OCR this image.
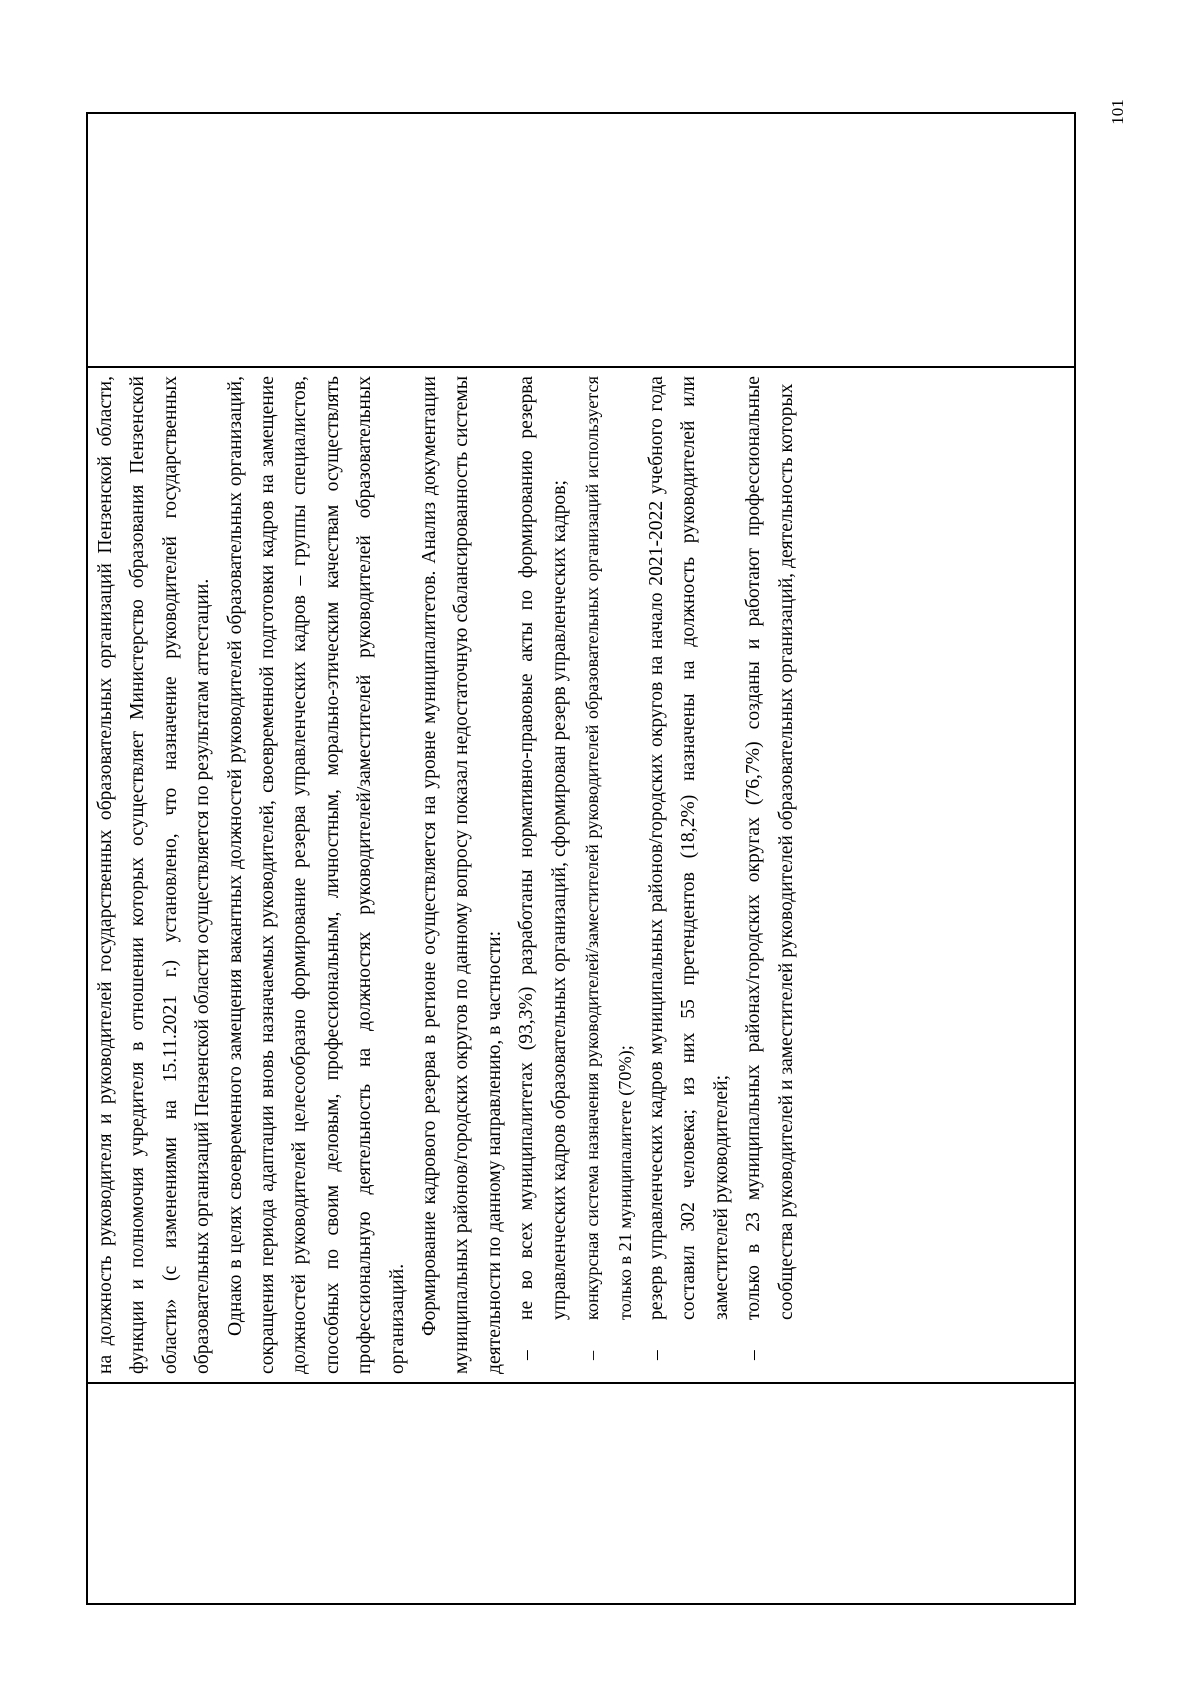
101

на должность руководителя и руководителей государственных образовательных организаций Пензенской области, функции и полномочия учредителя в отношении которых осуществляет Министерство образования Пензенской области» (с изменениями на 15.11.2021 г.) установлено, что назначение руководителей государственных образовательных организаций Пензенской области осуществляется по результатам аттестации. Однако в целях своевременного замещения вакантных должностей руководителей образовательных организаций, сокращения периода адаптации вновь назначаемых руководителей, своевременной подготовки кадров на замещение должностей руководителей целесообразно формирование резерва управленческих кадров – группы специалистов, способных по своим деловым, профессиональным, личностным, морально-этическим качествам осуществлять профессиональную деятельность на должностях руководителей/заместителей руководителей образовательных организаций. Формирование кадрового резерва в регионе осуществляется на уровне муниципалитетов. Анализ документации муниципальных районов/городских округов по данному вопросу показал недостаточную сбалансированность системы деятельности по данному направлению, в частности: –
не во всех муниципалитетах (93,3%) разработаны нормативно-правовые акты по формированию резерва управленческих кадров образовательных организаций, сформирован резерв управленческих кадров;
–
конкурсная система назначения руководителей/заместителей руководителей образовательных организаций используется только в 21 муниципалитете (70%);
–
резерв управленческих кадров муниципальных районов/городских округов на начало 2021-2022 учебного года составил 302 человека; из них 55 претендентов (18,2%) назначены на должность руководителей или заместителей руководителей;
–
только в 23 муниципальных районах/городских округах (76,7%) созданы и работают профессиональные сообщества руководителей и заместителей руководителей образовательных организаций, деятельность которых
